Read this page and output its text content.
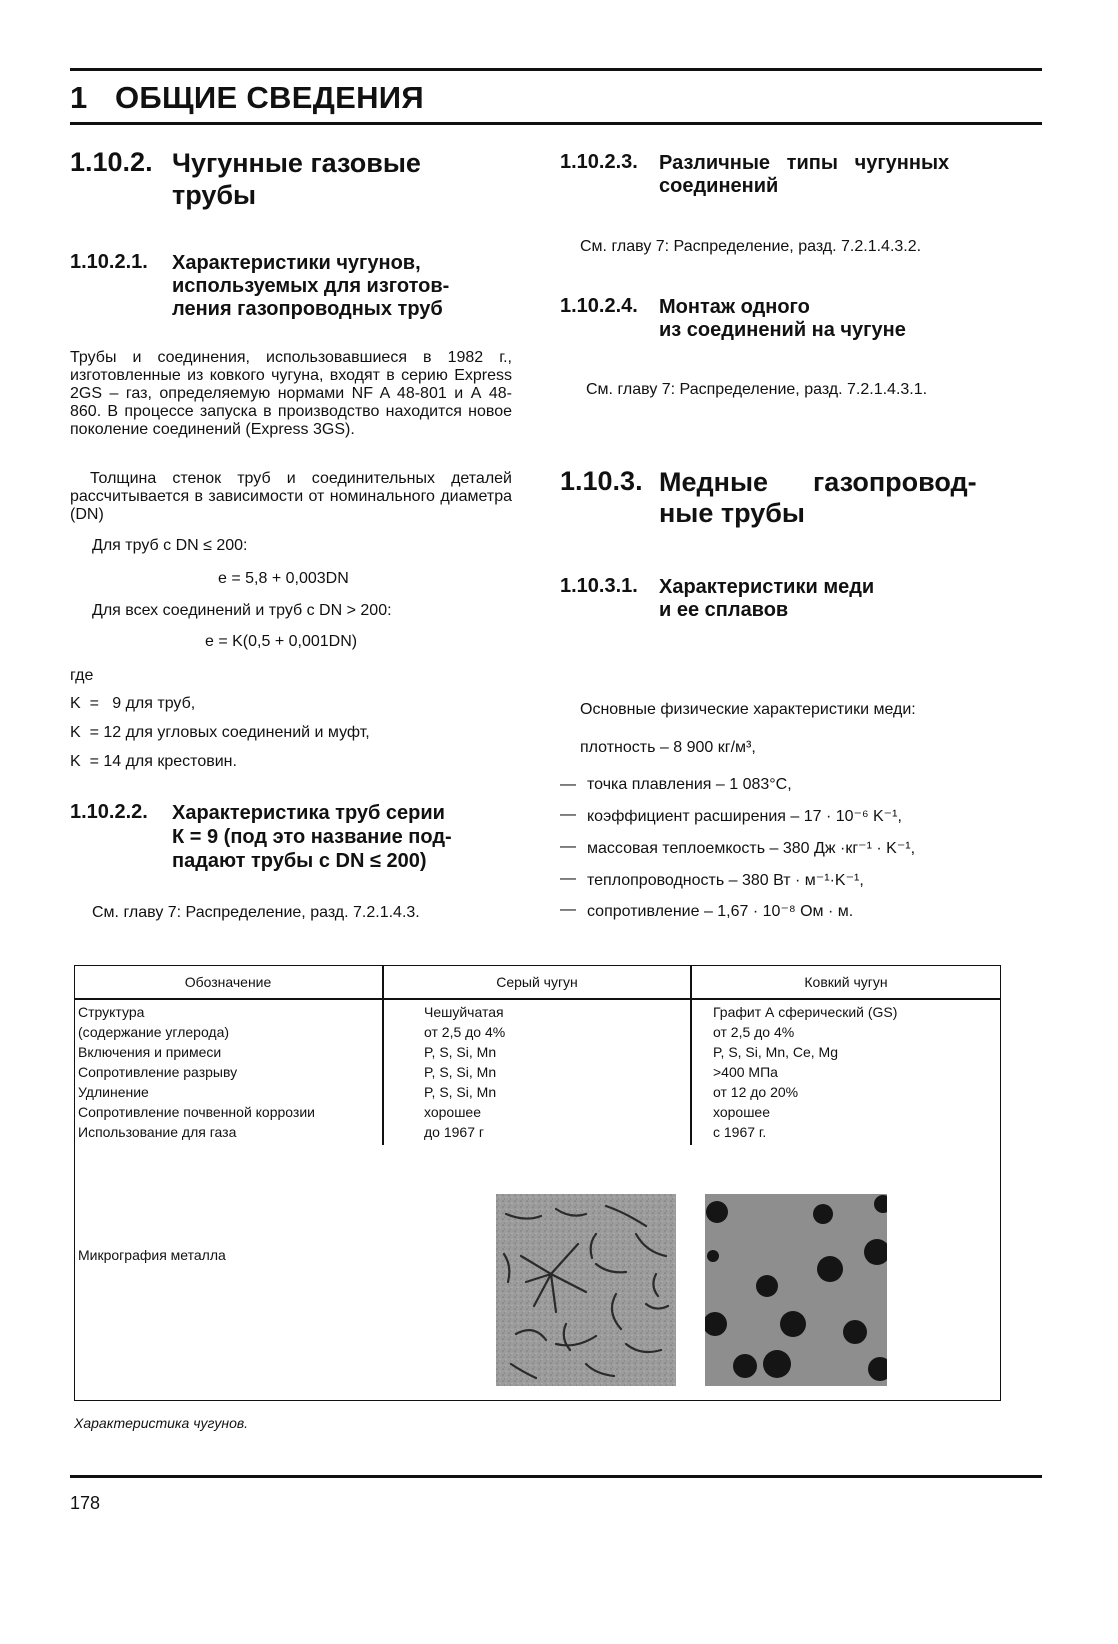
1 ОБЩИЕ СВЕДЕНИЯ
1.10.2. Чугунные газовые
трубы
1.10.2.1. Характеристики чугунов,
используемых для изготов-
ления газопроводных труб
Трубы и соединения, использовавшиеся в 1982 г., изготовленные из ковкого чугуна, входят в серию Express 2GS – газ, определяемую нормами NF A 48-801 и А 48-860. В процессе запуска в производство находится новое поколение соединений (Express 3GS).
Толщина стенок труб и соединительных деталей рассчитывается в зависимости от номинального диаметра (DN)
Для труб с DN ≤ 200:
e = 5,8 + 0,003DN
Для всех соединений и труб с DN > 200:
e = K(0,5 + 0,001DN)
где
K  =   9 для труб,
K  = 12 для угловых соединений и муфт,
K  = 14 для крестовин.
1.10.2.2. Характеристика труб серии
К = 9 (под это название под-
падают трубы с DN ≤ 200)
См. главу 7: Распределение, разд. 7.2.1.4.3.
1.10.2.3. Различные   типы   чугунных
соединений
См. главу 7: Распределение, разд. 7.2.1.4.3.2.
1.10.2.4. Монтаж одного
из соединений на чугуне
См. главу 7: Распределение, разд. 7.2.1.4.3.1.
1.10.3. Медные      газопровод-
ные трубы
1.10.3.1. Характеристики меди
и ее сплавов
Основные физические характеристики меди:
плотность – 8 900 кг/м³,
— точка плавления – 1 083°С,
— коэффициент расширения – 17 · 10⁻⁶ K⁻¹,
— массовая теплоемкость – 380 Дж ·кг⁻¹ · K⁻¹,
— теплопроводность – 380 Вт · м⁻¹·K⁻¹,
— сопротивление – 1,67 · 10⁻⁸ Ом · м.
Обозначение	Серый чугун	Ковкий чугун
Структура	Чешуйчатая	Графит А сферический (GS)
(содержание углерода)	от 2,5 до 4%	от 2,5 до 4%
Включения и примеси	P, S, Si, Mn	P, S, Si, Mn, Ce, Mg
Сопротивление разрыву	P, S, Si, Mn	>400 МПа
Удлинение	P, S, Si, Mn	от 12 до 20%
Сопротивление почвенной коррозии	хорошее	хорошее
Использование для газа	до 1967 г	с 1967 г.
Микрография металла
Характеристика чугунов.
178
